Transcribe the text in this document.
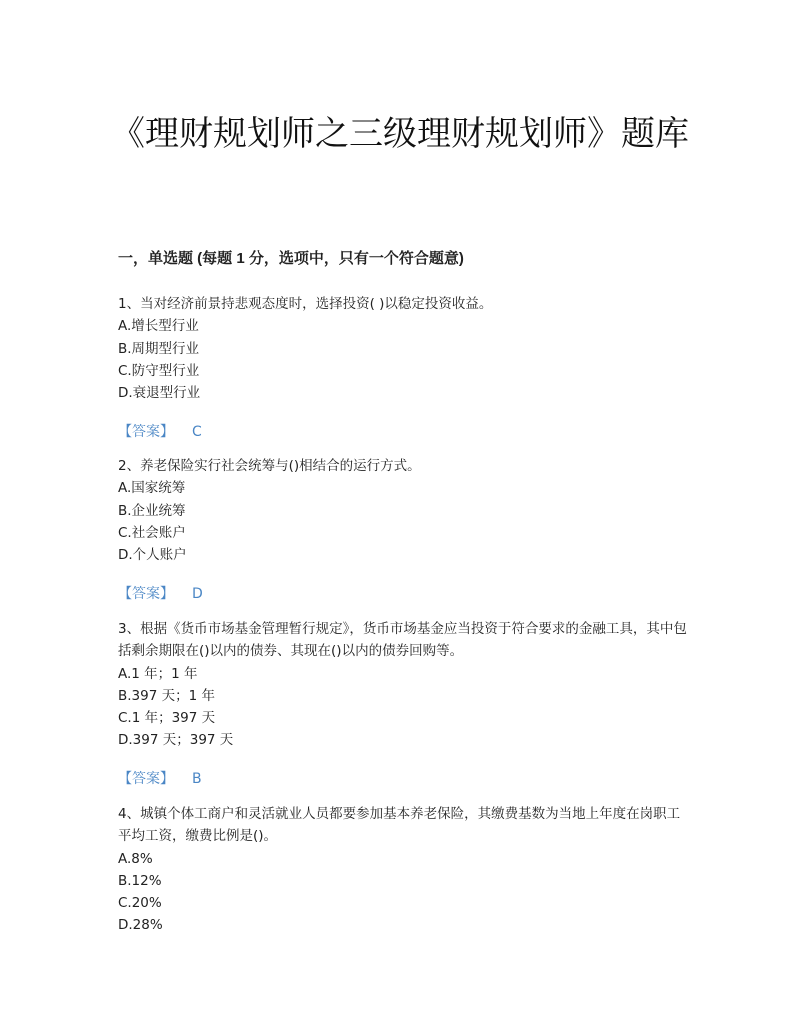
《理财规划师之三级理财规划师》题库
一，单选题 (每题 1 分，选项中，只有一个符合题意)

1、当对经济前景持悲观态度时，选择投资( )以稳定投资收益。

A.增长型行业

B.周期型行业

C.防守型行业

D.衰退型行业

【答案】 C

2、养老保险实行社会统筹与()相结合的运行方式。

A.国家统筹

B.企业统筹

C.社会账户

D.个人账户

【答案】 D

3、根据《货币市场基金管理暂行规定》，货币市场基金应当投资于符合要求的金融工具，其中包括剩余期限在()以内的债券、其现在()以内的债券回购等。

A.1 年；1 年

B.397 天；1 年

C.1 年；397 天

D.397 天；397 天

【答案】 B

4、城镇个体工商户和灵活就业人员都要参加基本养老保险，其缴费基数为当地上年度在岗职工平均工资，缴费比例是()。

A.8%

B.12%

C.20%

D.28%
